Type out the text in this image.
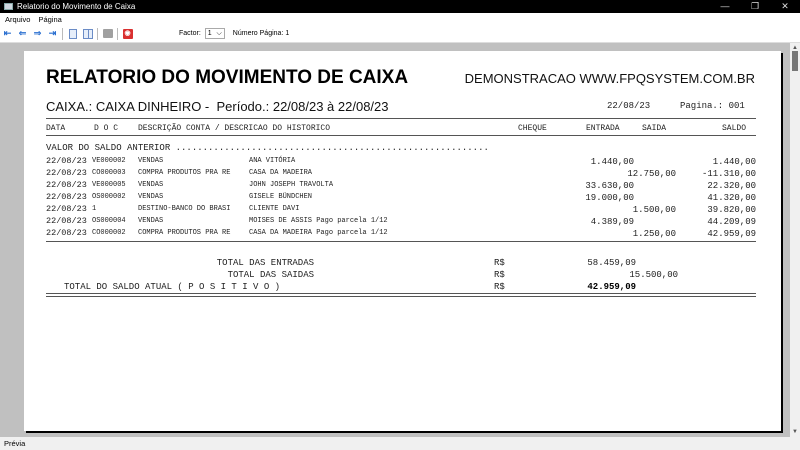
Relatorio do Movimento de Caixa	—	❐	✕
Arquivo Página
⇤ ⇐ ⇒ ⇥	◉	Factor: 1 ⌵ Número Página: 1
▲
▼
RELATORIO DO MOVIMENTO DE CAIXA	DEMONSTRACAO WWW.FPQSYSTEM.COM.BR
CAIXA.: CAIXA DINHEIRO -  Período.: 22/08/23 à 22/08/23	22/08/23	Pagina.: 001
DATA	D O C DESCRIÇÃO CONTA / DESCRICAO DO HISTORICO	CHEQUE	ENTRADA	SAIDA	SALDO
VALOR DO SALDO ANTERIOR ..........................................................
22/08/23 VE000002 VENDAS	ANA VITÓRIA	1.440,00	1.440,00
22/08/23 CO000003 COMPRA PRODUTOS PRA RE	CASA DA MADEIRA	12.750,00	-11.310,00
22/08/23 VE000005 VENDAS	JOHN JOSEPH TRAVOLTA	33.630,00	22.320,00
22/08/23 OS000002 VENDAS	GISELE BÜNDCHEN	19.000,00	41.320,00
22/08/23 1	DESTINO-BANCO DO BRASI	CLIENTE DAVI	1.500,00	39.820,00
22/08/23 OS000004 VENDAS	MOISES DE ASSIS Pago parcela 1/12	4.389,09	44.209,09
22/08/23 CO000002 COMPRA PRODUTOS PRA RE	CASA DA MADEIRA Pago parcela 1/12	1.250,00	42.959,09
TOTAL DAS ENTRADAS	R$	58.459,09
TOTAL DAS SAIDAS	R$	15.500,00
TOTAL DO SALDO ATUAL ( P O S I T I V O )	R$	42.959,09
Prévia
